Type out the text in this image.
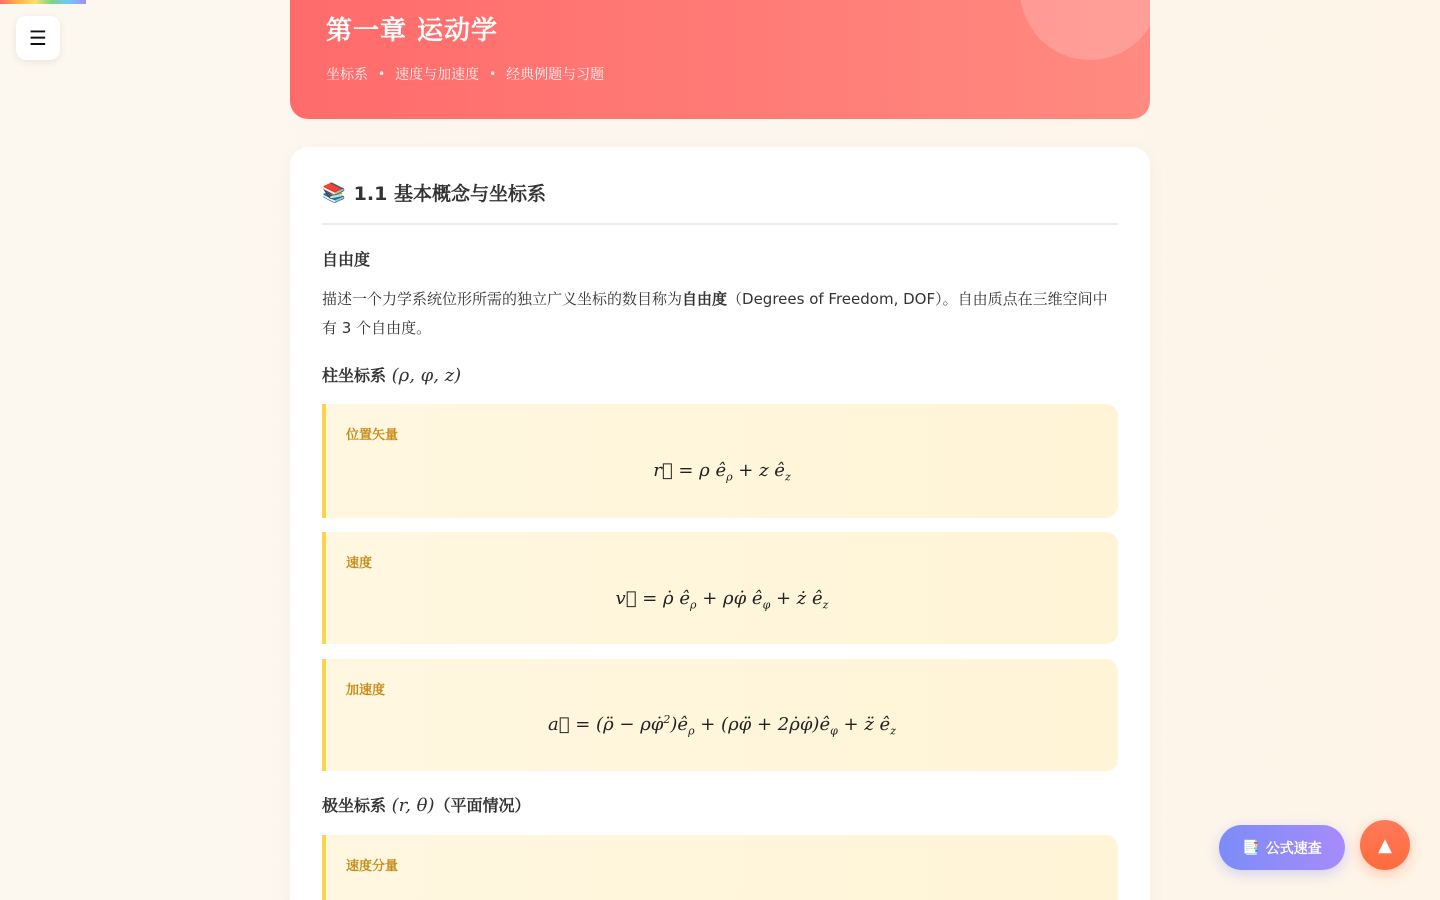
☰	第一章 运动学
坐标系 • 速度与加速度 • 经典例题与习题
📚 1.1 基本概念与坐标系
自由度

描述一个力学系统位形所需的独立广义坐标的数目称为自由度（Degrees of Freedom, DOF）。自由质点在三维空间中有 3 个自由度。

柱坐标系 (ρ, φ, z)
位置矢量
r⃗ = ρ $ê_\rho + z$ $ê_z$
速度
v⃗ = ρ̇ $ê_\rho$ + ρφ̇ $ê_\varphi$ + ż $ê_z$
加速度
a⃗ = (ρ̈ − $\rho\varphi̇^2)ê_\rho$ + (ρφ̈ + $2\rhȯ\varphi̇)ê_\varphi$ + z̈ $ê_z$
极坐标系 (r, θ)（平面情况）
速度分量
📑 公式速查	▲
